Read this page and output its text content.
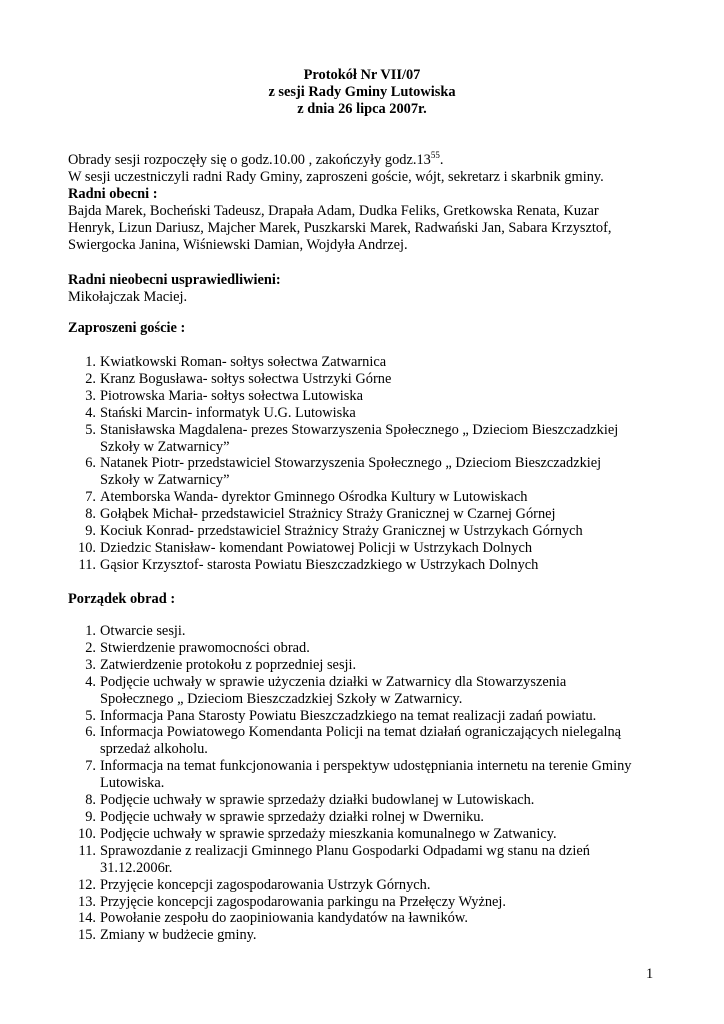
Protokół Nr VII/07
z sesji Rady Gminy Lutowiska
z dnia 26 lipca 2007r.
Obrady sesji rozpoczęły się o godz.10.00 , zakończyły $godz.13^{55}$.
W sesji uczestniczyli radni Rady Gminy, zaproszeni goście, wójt, sekretarz i skarbnik gminy.
Radni obecni :
Bajda Marek, Bocheński Tadeusz, Drapała Adam, Dudka Feliks, Gretkowska Renata, Kuzar
Henryk, Lizun Dariusz, Majcher Marek, Puszkarski Marek, Radwański Jan, Sabara Krzysztof,
Swiergocka Janina, Wiśniewski Damian, Wojdyła Andrzej.
Radni nieobecni usprawiedliwieni:
Mikołajczak Maciej.
Zaproszeni goście :
1. Kwiatkowski Roman- sołtys sołectwa Zatwarnica
2. Kranz Bogusława- sołtys sołectwa Ustrzyki Górne
3. Piotrowska Maria- sołtys sołectwa Lutowiska
4. Stański Marcin- informatyk U.G. Lutowiska
5. Stanisławska Magdalena- prezes Stowarzyszenia Społecznego „ Dzieciom Bieszczadzkiej
Szkoły w Zatwarnicy”
6. Natanek Piotr- przedstawiciel Stowarzyszenia Społecznego „ Dzieciom Bieszczadzkiej
Szkoły w Zatwarnicy”
7. Atemborska Wanda- dyrektor Gminnego Ośrodka Kultury w Lutowiskach
8. Gołąbek Michał- przedstawiciel Strażnicy Straży Granicznej w Czarnej Górnej
9. Kociuk Konrad- przedstawiciel Strażnicy Straży Granicznej w Ustrzykach Górnych
10. Dziedzic Stanisław- komendant Powiatowej Policji w Ustrzykach Dolnych
11. Gąsior Krzysztof- starosta Powiatu Bieszczadzkiego w Ustrzykach Dolnych
Porządek obrad :
1. Otwarcie sesji.
2. Stwierdzenie prawomocności obrad.
3. Zatwierdzenie protokołu z poprzedniej sesji.
4. Podjęcie uchwały w sprawie użyczenia działki w Zatwarnicy dla Stowarzyszenia
Społecznego „ Dzieciom Bieszczadzkiej Szkoły w Zatwarnicy.
5. Informacja Pana Starosty Powiatu Bieszczadzkiego na temat realizacji zadań powiatu.
6. Informacja Powiatowego Komendanta Policji na temat działań ograniczających nielegalną
sprzedaż alkoholu.
7. Informacja na temat funkcjonowania i perspektyw udostępniania internetu na terenie Gminy
Lutowiska.
8. Podjęcie uchwały w sprawie sprzedaży działki budowlanej w Lutowiskach.
9. Podjęcie uchwały w sprawie sprzedaży działki rolnej w Dwerniku.
10. Podjęcie uchwały w sprawie sprzedaży mieszkania komunalnego w Zatwanicy.
11. Sprawozdanie z realizacji Gminnego Planu Gospodarki Odpadami wg stanu na dzień
31.12.2006r.
12. Przyjęcie koncepcji zagospodarowania Ustrzyk Górnych.
13. Przyjęcie koncepcji zagospodarowania parkingu na Przełęczy Wyżnej.
14. Powołanie zespołu do zaopiniowania kandydatów na ławników.
15. Zmiany w budżecie gminy.
1
